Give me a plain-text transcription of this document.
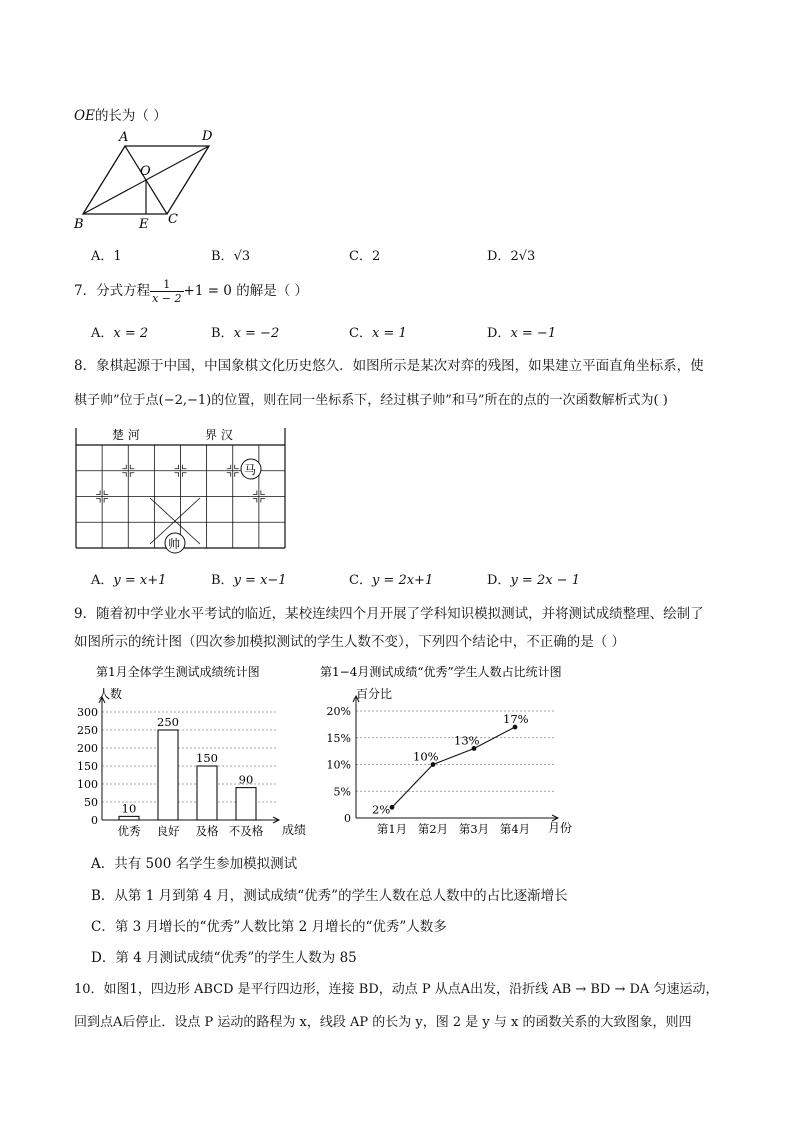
OE的长为（ ）
A	D
O
B	E C
A．1	B．√3	C．2	D．2√3
7．分式方程 $\frac{1}{x - 2} +1 = 0$ 的解是（ ）
A．x = 2	B．x = −2	C．x = 1	D．x = −1
8．象棋起源于中国，中国象棋文化历史悠久．如图所示是某次对弈的残图，如果建立平面直角坐标系，使
棋子帅”位于点(−2,−1)的位置，则在同一坐标系下，经过棋子帅”和马”所在的点的一次函数解析式为( )
楚 河	界 汉
马
帅
A．y = x+1	B．y = x−1	C．y = 2x+1	D．y = 2x − 1
9．随着初中学业水平考试的临近，某校连续四个月开展了学科知识模拟测试，并将测试成绩整理、绘制了
如图所示的统计图（四次参加模拟测试的学生人数不变），下列四个结论中，不正确的是（ ）
第1月全体学生测试成绩统计图
人数
0
50
100
150
200
250
300
10
250
150
90
优秀 良好 及格 不及格 成绩
第1−4月测试成绩“优秀”学生人数占比统计图
百分比
0
5%
10%
15%
20%
2%
10%
13%
17%
第1月 第2月 第3月 第4月 月份
A．共有 500 名学生参加模拟测试
B．从第 1 月到第 4 月，测试成绩“优秀”的学生人数在总人数中的占比逐渐增长
C．第 3 月增长的“优秀”人数比第 2 月增长的“优秀”人数多
D．第 4 月测试成绩“优秀”的学生人数为 85
10．如图1，四边形 ABCD 是平行四边形，连接 BD，动点 P 从点A出发，沿折线 AB → BD → DA 匀速运动，
回到点A后停止．设点 P 运动的路程为 x，线段 AP 的长为 y，图 2 是 y 与 x 的函数关系的大致图象，则四
